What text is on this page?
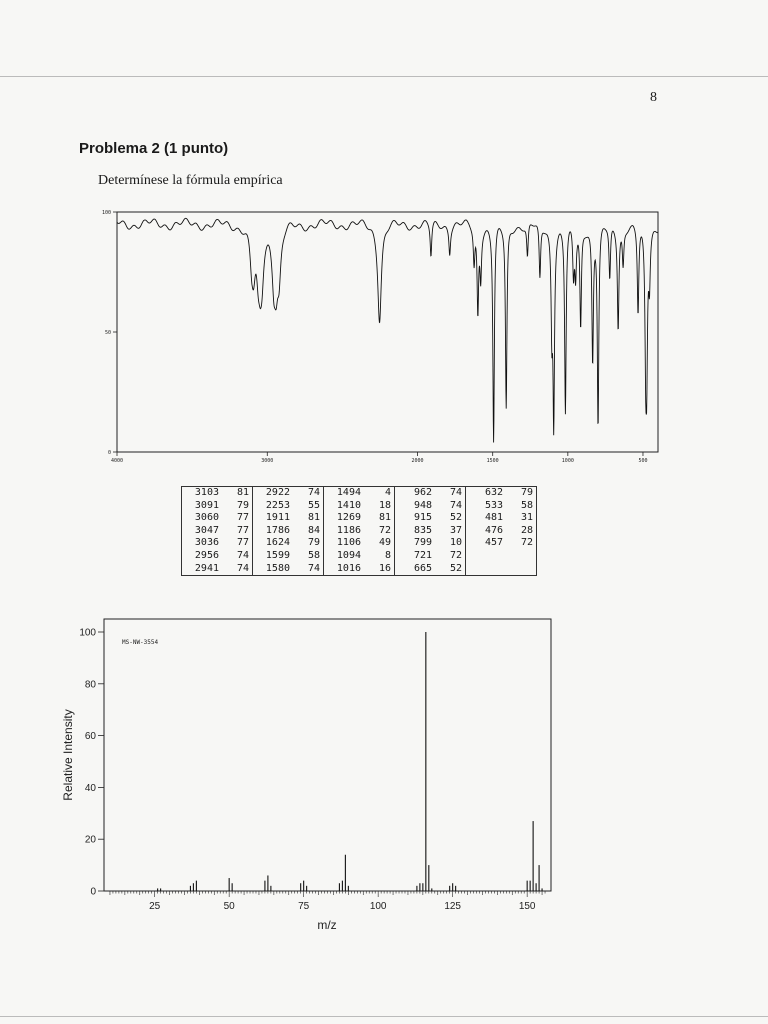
8
Problema 2 (1 punto)
Determínese la fórmula empírica
4000	3000	2000	1500	1000	500
0
50
100
3103	81	2922	74	1494	4	962	74	632	79
3091	79	2253	55	1410	18	948	74	533	58
3060	77	1911	81	1269	81	915	52	481	31
3047	77	1786	84	1186	72	835	37	476	28
3036	77	1624	79	1106	49	799	10	457	72
2956	74	1599	58	1094	8	721	72		
2941	74	1580	74	1016	16	665	52		
MS-NW-3554
0
20
40
60
80
100
25	50	75	100	125	150
m/z
Relative Intensity
